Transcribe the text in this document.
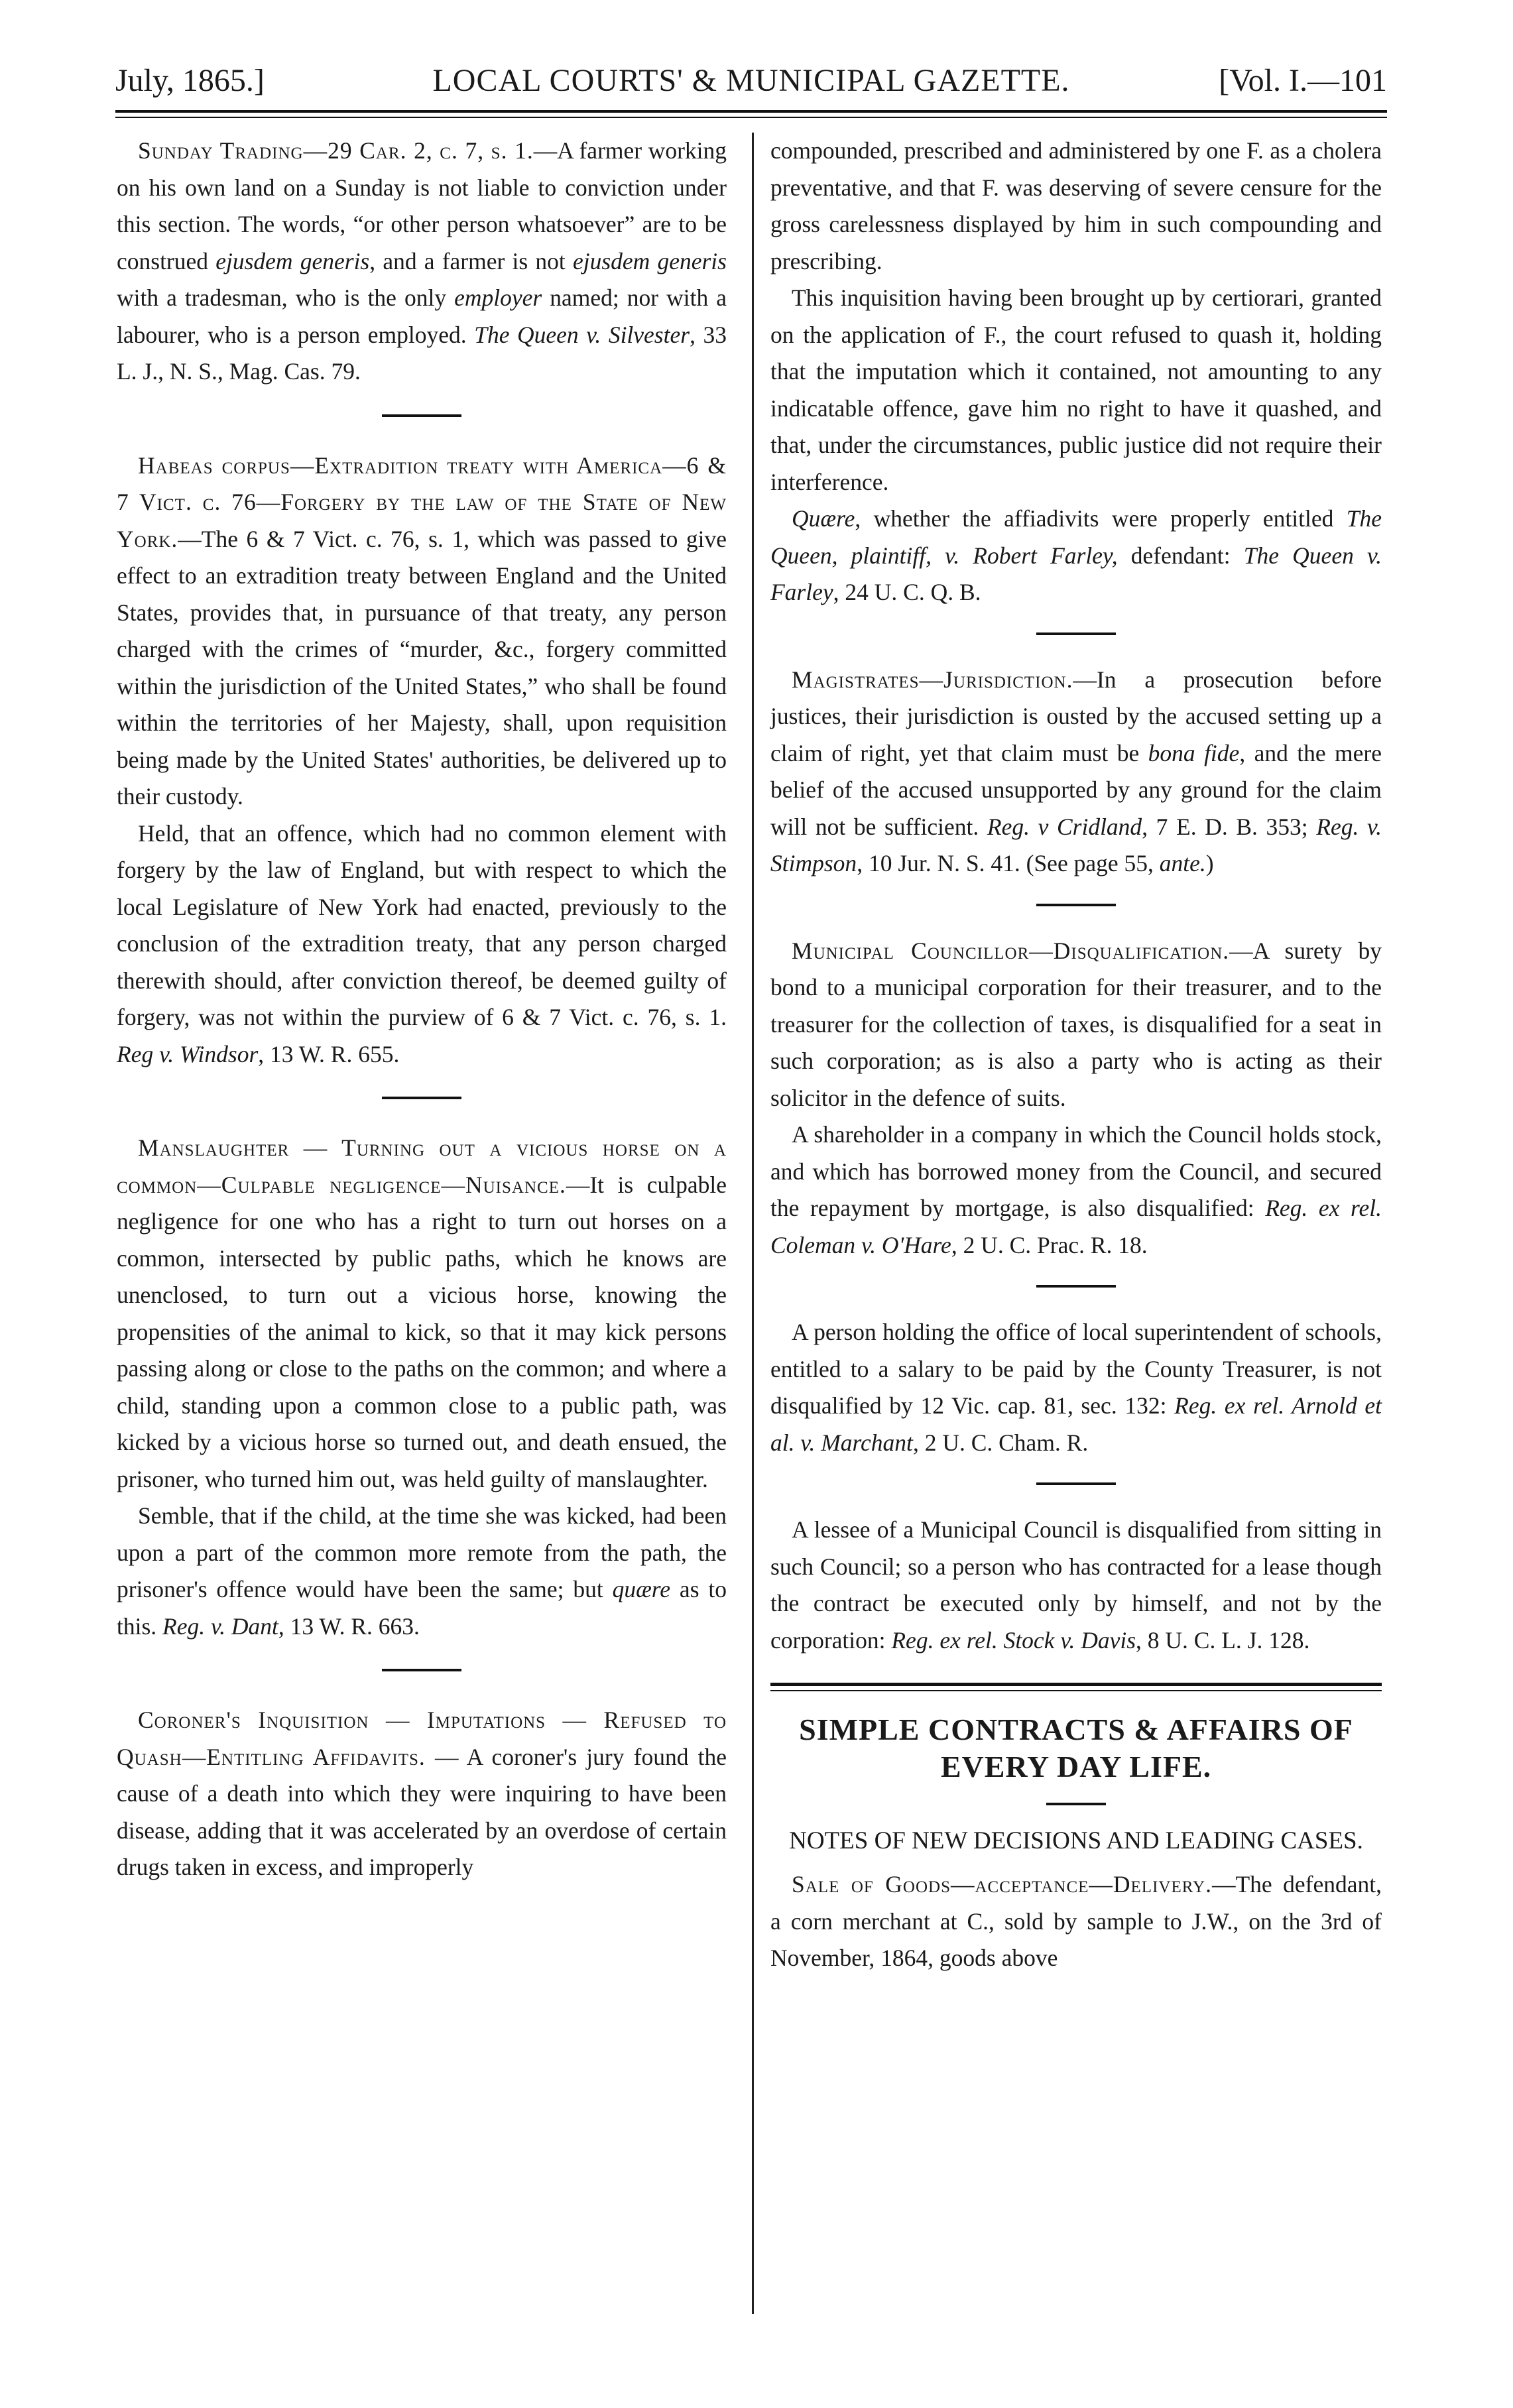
July, 1865.]	LOCAL COURTS' & MUNICIPAL GAZETTE.	[Vol. I.—101

Sunday Trading—29 Car. 2, c. 7, s. 1.—A farmer working on his own land on a Sunday is not liable to conviction under this section. The words, “or other person whatsoever” are to be construed ejusdem generis, and a farmer is not ejusdem generis with a tradesman, who is the only employer named; nor with a labourer, who is a person employed. The Queen v. Silvester, 33 L. J., N. S., Mag. Cas. 79.

Habeas corpus—Extradition treaty with America—6 & 7 Vict. c. 76—Forgery by the law of the State of New York.—The 6 & 7 Vict. c. 76, s. 1, which was passed to give effect to an extradition treaty between England and the United States, provides that, in pursuance of that treaty, any person charged with the crimes of “murder, &c., forgery committed within the jurisdiction of the United States,” who shall be found within the territories of her Majesty, shall, upon requisition being made by the United States' authorities, be delivered up to their custody.

Held, that an offence, which had no common element with forgery by the law of England, but with respect to which the local Legislature of New York had enacted, previously to the conclusion of the extradition treaty, that any person charged therewith should, after conviction thereof, be deemed guilty of forgery, was not within the purview of 6 & 7 Vict. c. 76, s. 1. Reg v. Windsor, 13 W. R. 655.

Manslaughter — Turning out a vicious horse on a common—Culpable negligence—Nuisance.—It is culpable negligence for one who has a right to turn out horses on a common, intersected by public paths, which he knows are unenclosed, to turn out a vicious horse, knowing the propensities of the animal to kick, so that it may kick persons passing along or close to the paths on the common; and where a child, standing upon a common close to a public path, was kicked by a vicious horse so turned out, and death ensued, the prisoner, who turned him out, was held guilty of manslaughter.

Semble, that if the child, at the time she was kicked, had been upon a part of the common more remote from the path, the prisoner's offence would have been the same; but quære as to this. Reg. v. Dant, 13 W. R. 663.

Coroner's Inquisition — Imputations — Refused to Quash—Entitling Affidavits. — A coroner's jury found the cause of a death into which they were inquiring to have been disease, adding that it was accelerated by an overdose of certain drugs taken in excess, and improperly

compounded, prescribed and administered by one F. as a cholera preventative, and that F. was deserving of severe censure for the gross carelessness displayed by him in such compounding and prescribing.

This inquisition having been brought up by certiorari, granted on the application of F., the court refused to quash it, holding that the imputation which it contained, not amounting to any indicatable offence, gave him no right to have it quashed, and that, under the circumstances, public justice did not require their interference.

Quære, whether the affiadivits were properly entitled The Queen, plaintiff, v. Robert Farley, defendant: The Queen v. Farley, 24 U. C. Q. B.

Magistrates—Jurisdiction.—In a prosecution before justices, their jurisdiction is ousted by the accused setting up a claim of right, yet that claim must be bona fide, and the mere belief of the accused unsupported by any ground for the claim will not be sufficient. Reg. v Cridland, 7 E. D. B. 353; Reg. v. Stimpson, 10 Jur. N. S. 41. (See page 55, ante.)

Municipal Councillor—Disqualification.—A surety by bond to a municipal corporation for their treasurer, and to the treasurer for the collection of taxes, is disqualified for a seat in such corporation; as is also a party who is acting as their solicitor in the defence of suits.

A shareholder in a company in which the Council holds stock, and which has borrowed money from the Council, and secured the repayment by mortgage, is also disqualified: Reg. ex rel. Coleman v. O'Hare, 2 U. C. Prac. R. 18.

A person holding the office of local superintendent of schools, entitled to a salary to be paid by the County Treasurer, is not disqualified by 12 Vic. cap. 81, sec. 132: Reg. ex rel. Arnold et al. v. Marchant, 2 U. C. Cham. R.

A lessee of a Municipal Council is disqualified from sitting in such Council; so a person who has contracted for a lease though the contract be executed only by himself, and not by the corporation: Reg. ex rel. Stock v. Davis, 8 U. C. L. J. 128.

SIMPLE CONTRACTS & AFFAIRS OF EVERY DAY LIFE.
NOTES OF NEW DECISIONS AND LEADING CASES.

Sale of Goods—acceptance—Delivery.—The defendant, a corn merchant at C., sold by sample to J.W., on the 3rd of November, 1864, goods above
